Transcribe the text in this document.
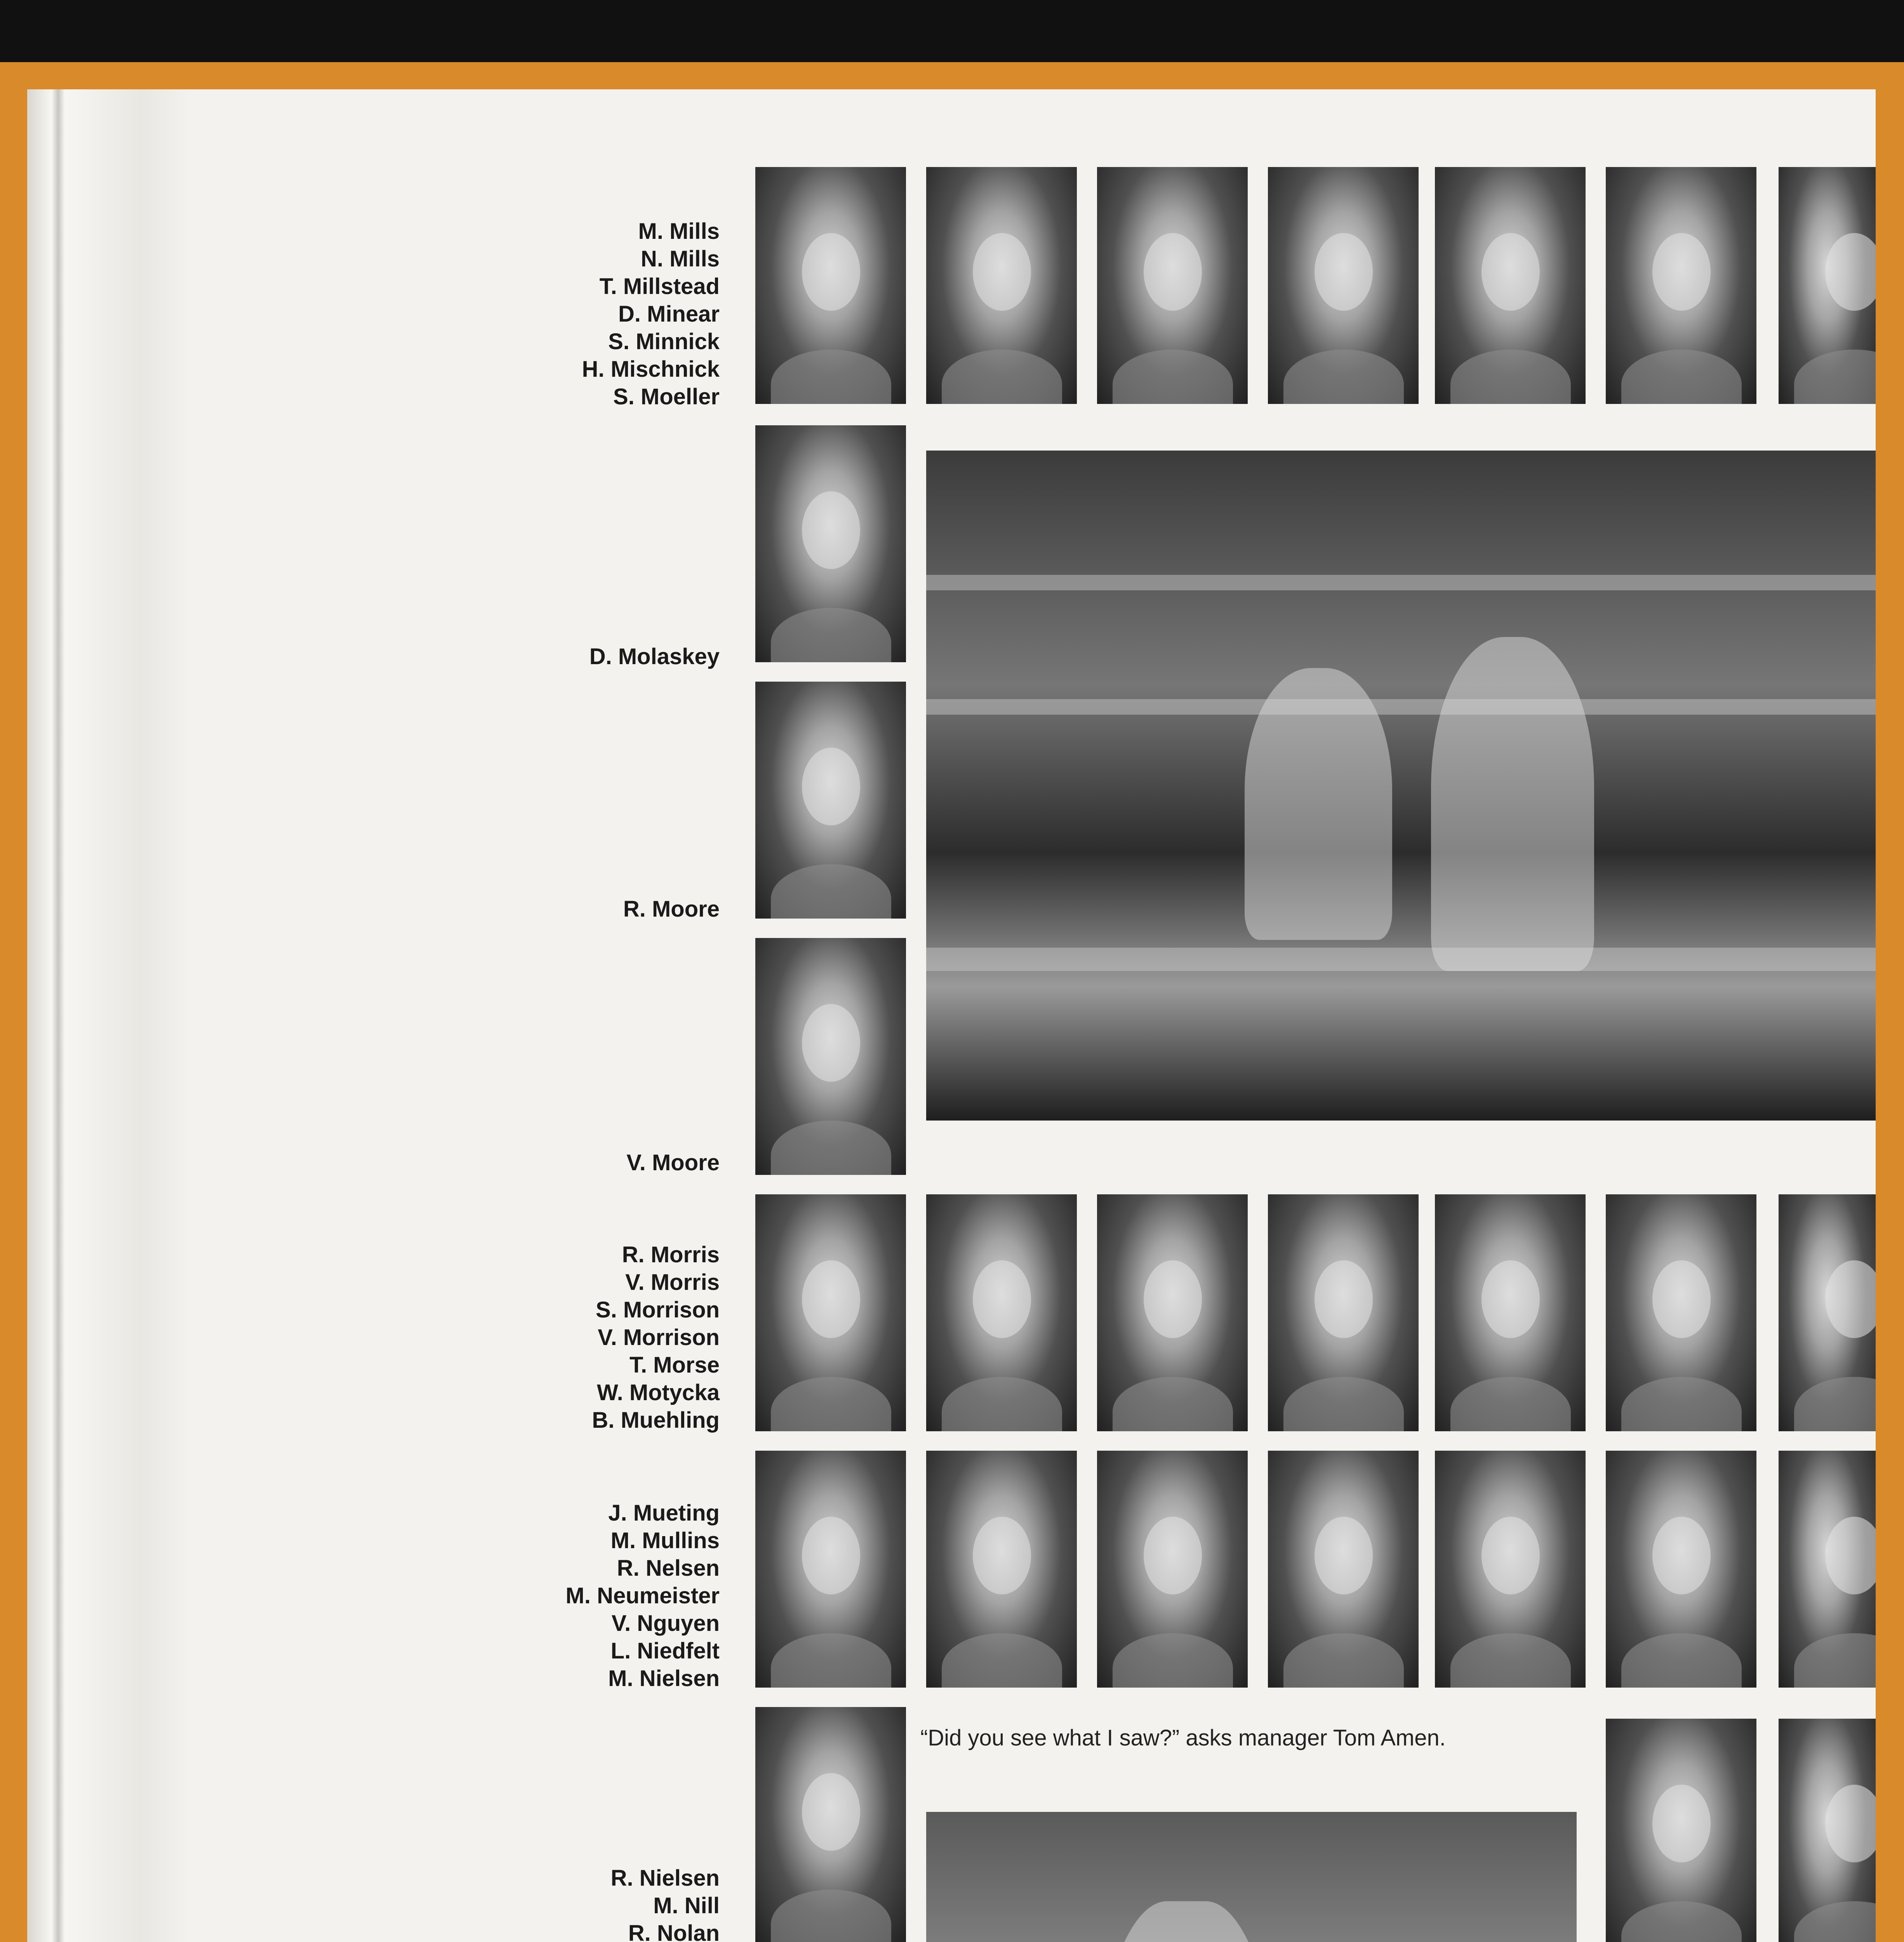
M. Mills
N. Mills
T. Millstead
D. Minear
S. Minnick
H. Mischnick
S. Moeller
D. Molaskey
R. Moore
V. Moore
R. Morris
V. Morris
S. Morrison
V. Morrison
T. Morse
W. Motycka
B. Muehling
J. Mueting
M. Mullins
R. Nelsen
M. Neumeister
V. Nguyen
L. Niedfelt
M. Nielsen
R. Nielsen
M. Nill
R. Nolan
“Did you see what I saw?” asks manager Tom Amen.
